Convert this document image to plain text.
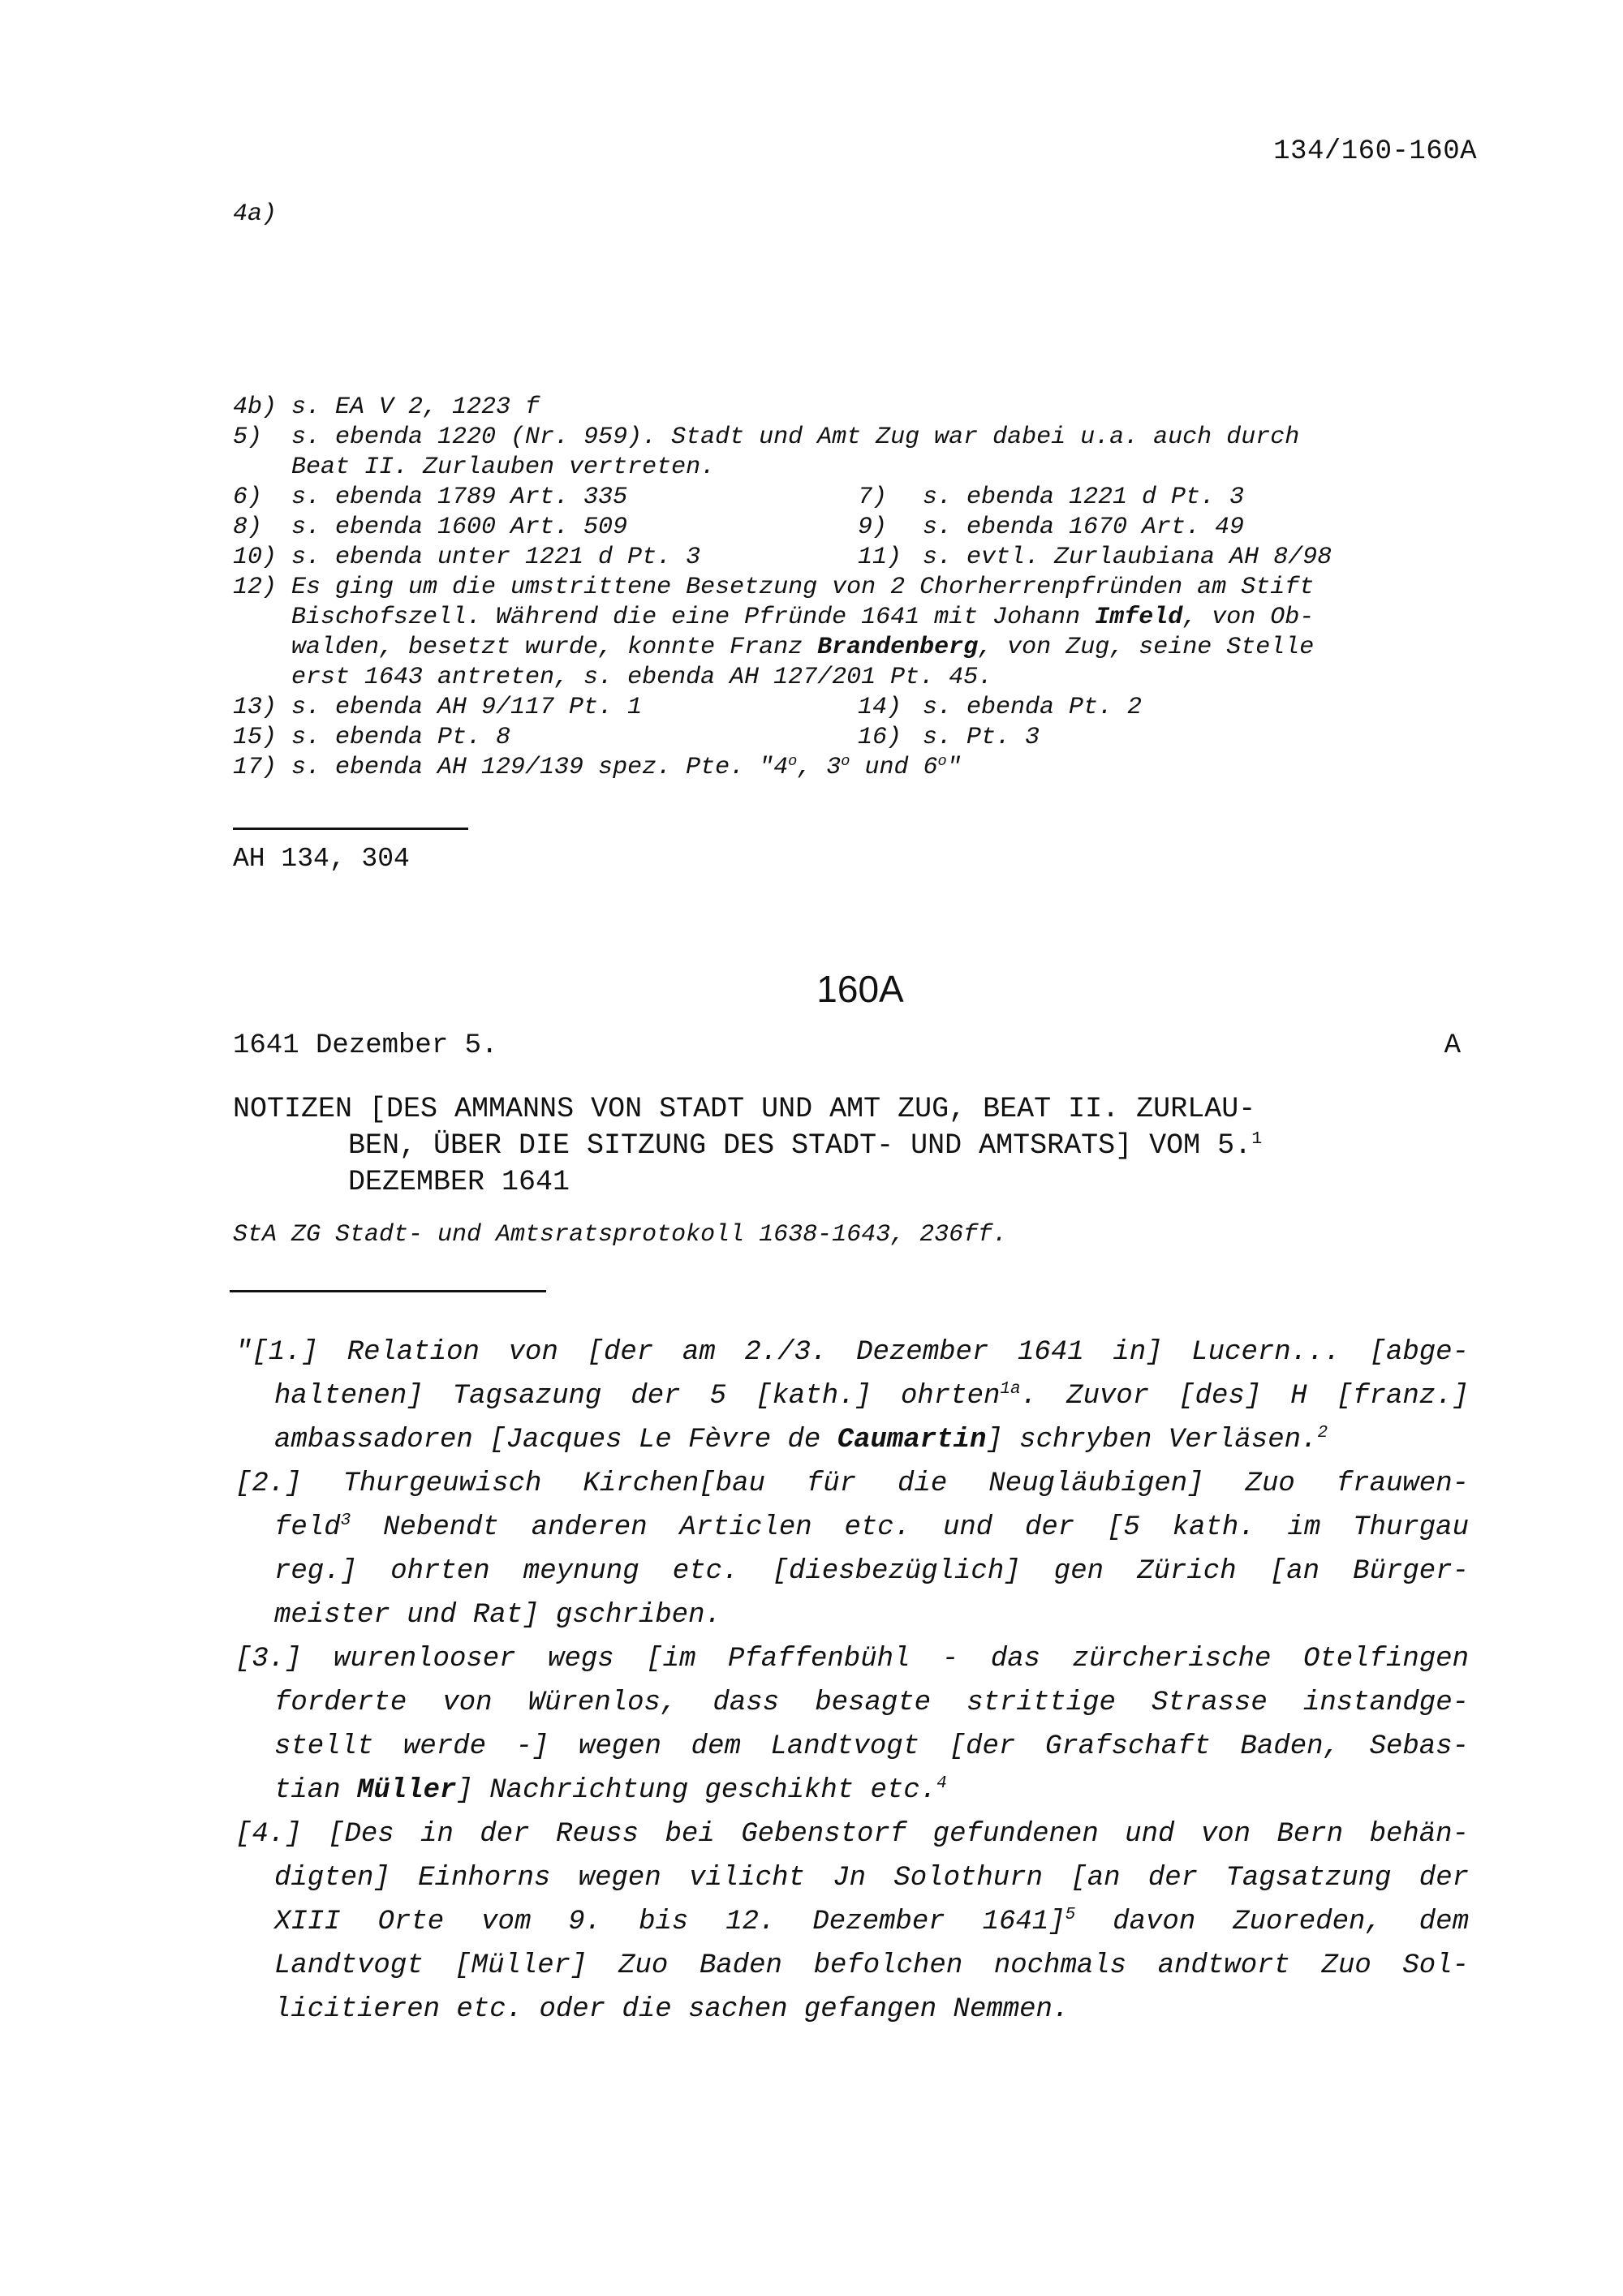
134/160-160A
4a)
4b) s. EA V 2, 1223 f
5) s. ebenda 1220 (Nr. 959). Stadt und Amt Zug war dabei u.a. auch durch
Beat II. Zurlauben vertreten.
6) s. ebenda 1789 Art. 335	7) s. ebenda 1221 d Pt. 3
8) s. ebenda 1600 Art. 509	9) s. ebenda 1670 Art. 49
10) s. ebenda unter 1221 d Pt. 3	11) s. evtl. Zurlaubiana AH 8/98
12) Es ging um die umstrittene Besetzung von 2 Chorherrenpfründen am Stift
Bischofszell. Während die eine Pfründe 1641 mit Johann Imfeld, von Ob-
walden, besetzt wurde, konnte Franz Brandenberg, von Zug, seine Stelle
erst 1643 antreten, s. ebenda AH 127/201 Pt. 45.
13) s. ebenda AH 9/117 Pt. 1	14) s. ebenda Pt. 2
15) s. ebenda Pt. 8	16) s. Pt. 3
17) s. ebenda AH 129/139 spez. Pte. "4$^o$, 3$^o$ und 6$^o$"
AH 134, 304
160A
1641 Dezember 5.	A
NOTIZEN [DES AMMANNS VON STADT UND AMT ZUG, BEAT II. ZURLAU-
BEN, ÜBER DIE SITZUNG DES STADT- UND AMTSRATS] VOM 5.$^1$
DEZEMBER 1641
StA ZG Stadt- und Amtsratsprotokoll 1638-1643, 236ff.
"[1.] Relation von [der am 2./3. Dezember 1641 in] Lucern... [abge-
haltenen] Tagsazung der 5 [kath.] ohrten$^{1a}$. Zuvor [des] H [franz.]
ambassadoren [Jacques Le Fèvre de Caumartin] schryben Verläsen.$^2$
[2.] Thurgeuwisch Kirchen[bau für die Neugläubigen] Zuo frauwen-
feld$^3$ Nebendt anderen Articlen etc. und der [5 kath. im Thurgau
reg.] ohrten meynung etc. [diesbezüglich] gen Zürich [an Bürger-
meister und Rat] gschriben.
[3.] wurenlooser wegs [im Pfaffenbühl - das zürcherische Otelfingen
forderte von Würenlos, dass besagte strittige Strasse instandge-
stellt werde -] wegen dem Landtvogt [der Grafschaft Baden, Sebas-
tian Müller] Nachrichtung geschikht etc.$^4$
[4.] [Des in der Reuss bei Gebenstorf gefundenen und von Bern behän-
digten] Einhorns wegen vilicht Jn Solothurn [an der Tagsatzung der
XIII Orte vom 9. bis 12. Dezember 1641]$^5$ davon Zuoreden, dem
Landtvogt [Müller] Zuo Baden befolchen nochmals andtwort Zuo Sol-
licitieren etc. oder die sachen gefangen Nemmen.
